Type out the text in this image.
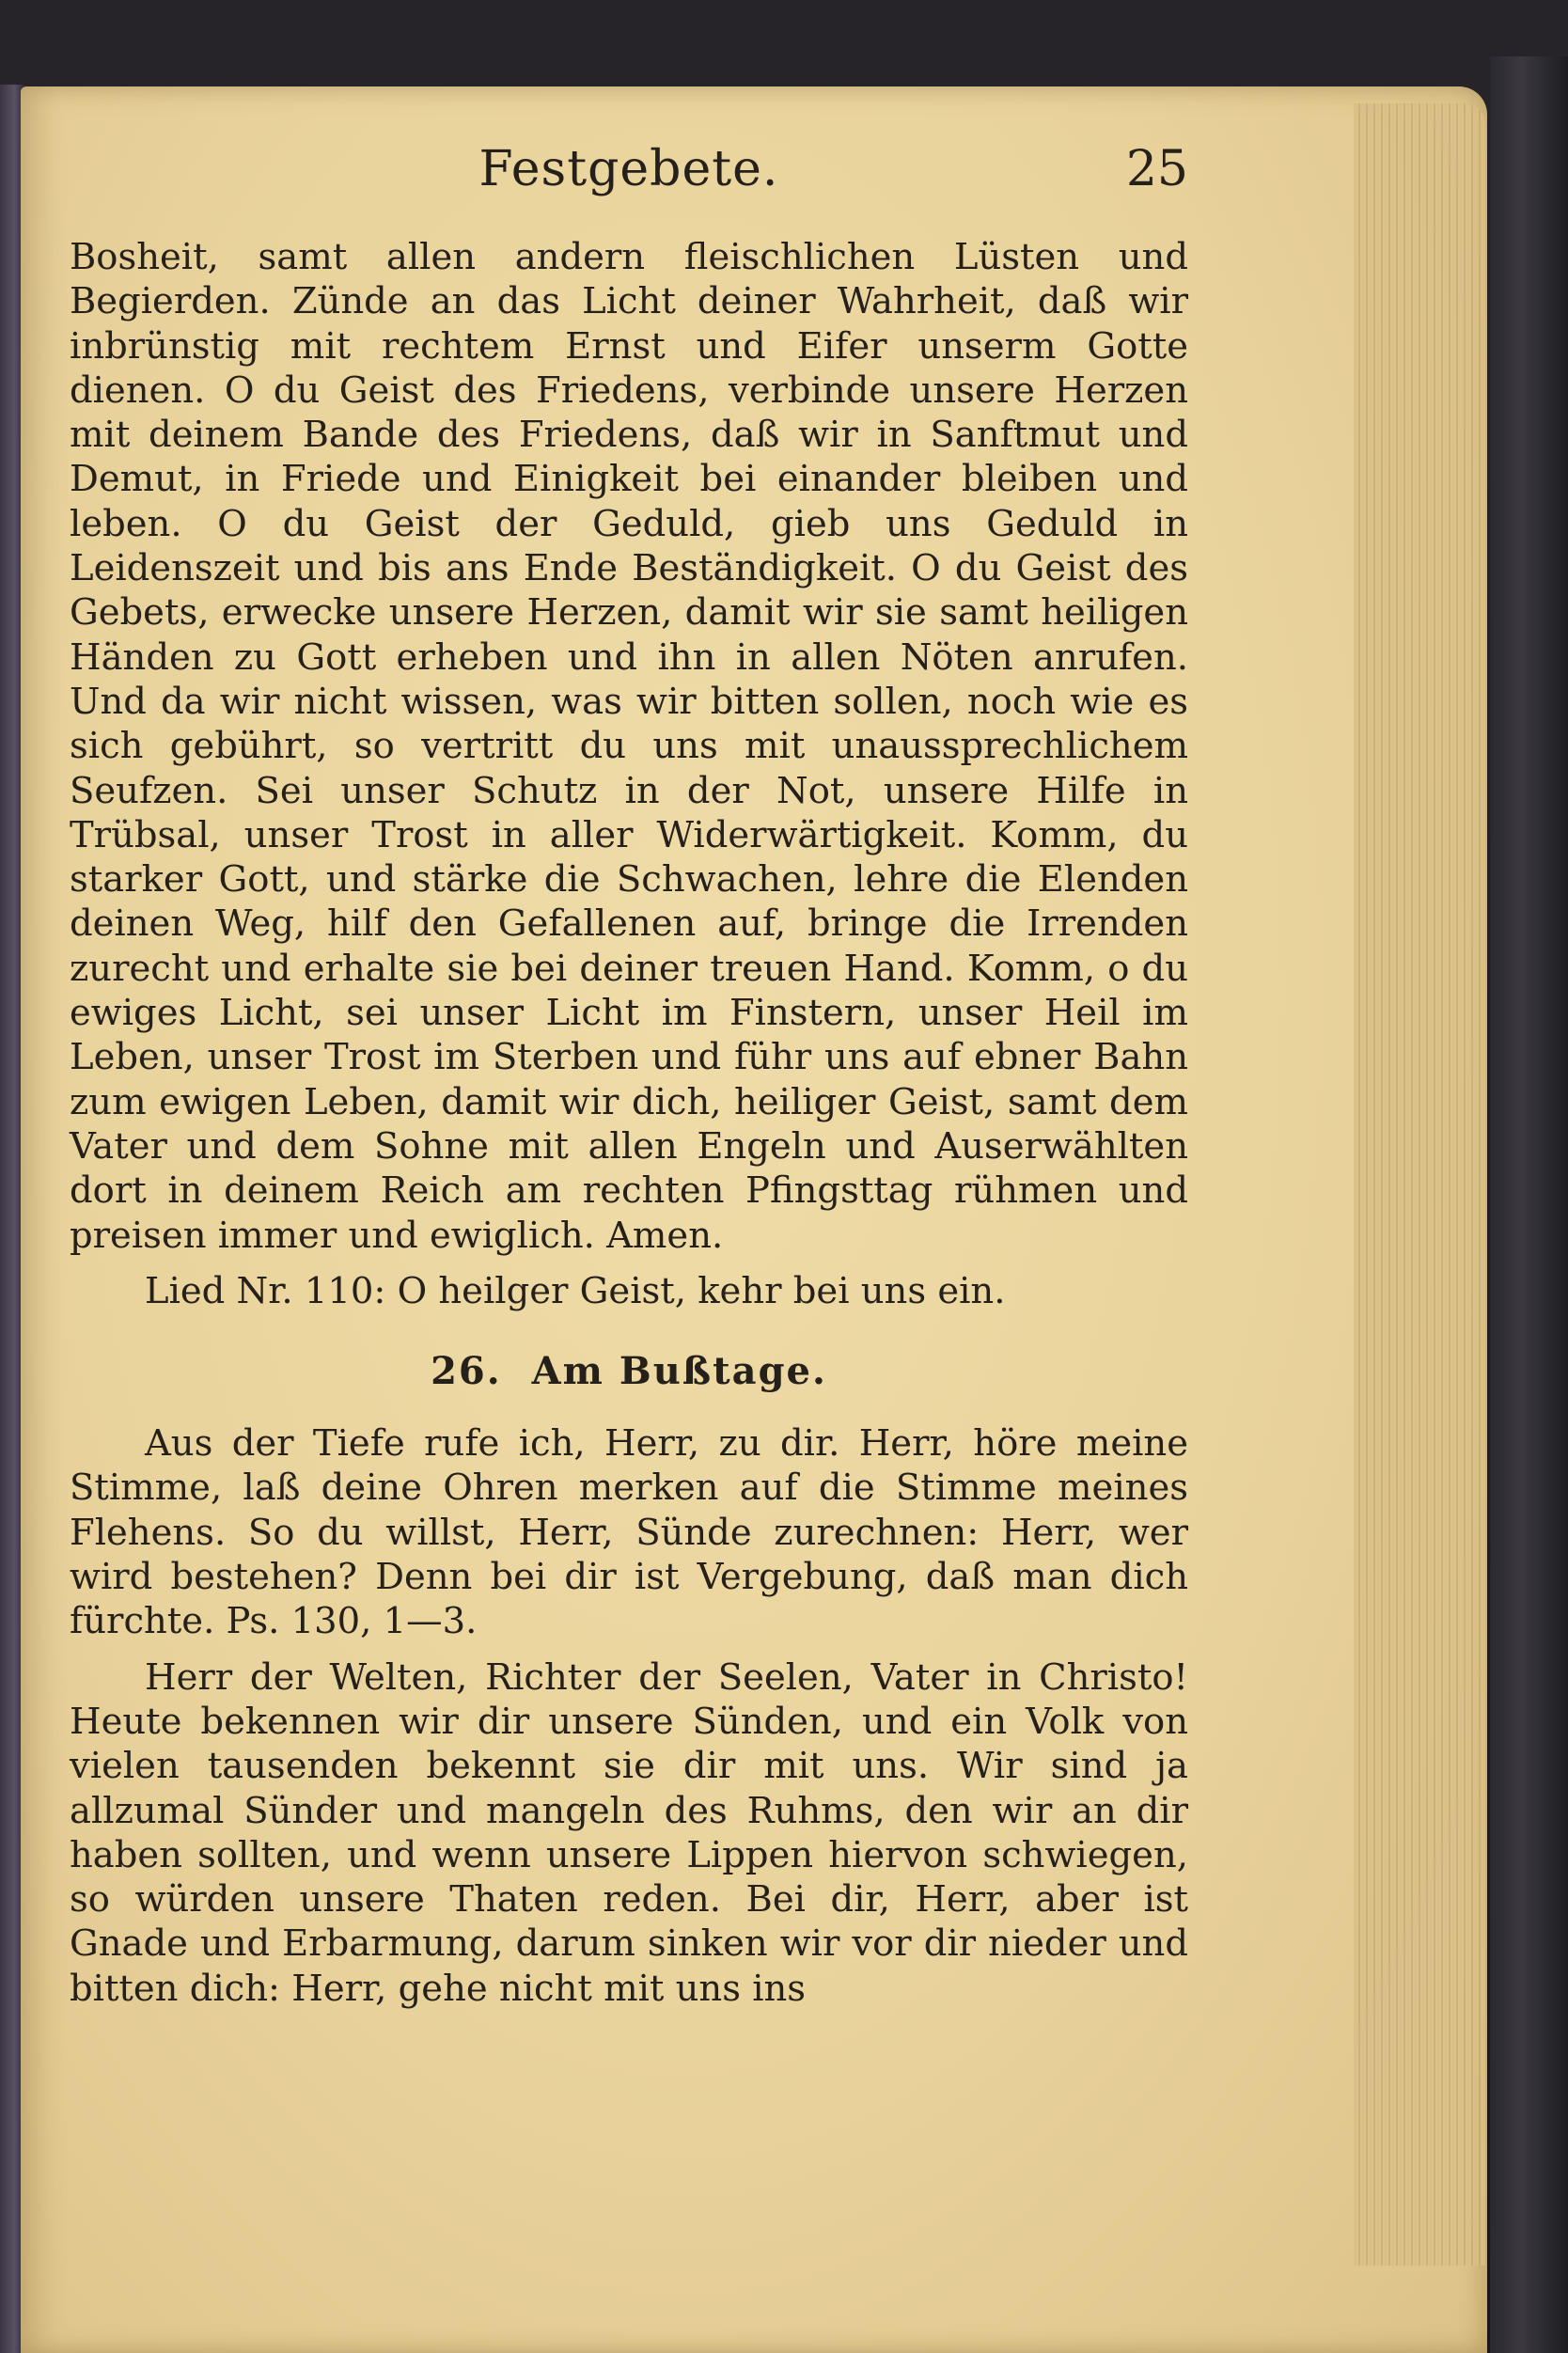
Festgebete.	25

Bosheit, samt allen andern fleischlichen Lüsten und Begierden. Zünde an das Licht deiner Wahrheit, daß wir inbrünstig mit rechtem Ernst und Eifer unserm Gotte dienen. O du Geist des Friedens, verbinde unsere Herzen mit deinem Bande des Friedens, daß wir in Sanftmut und Demut, in Friede und Einigkeit bei einander bleiben und leben. O du Geist der Geduld, gieb uns Geduld in Leidenszeit und bis ans Ende Beständigkeit. O du Geist des Gebets, erwecke unsere Herzen, damit wir sie samt heiligen Händen zu Gott erheben und ihn in allen Nöten anrufen. Und da wir nicht wissen, was wir bitten sollen, noch wie es sich gebührt, so vertritt du uns mit unaussprechlichem Seufzen. Sei unser Schutz in der Not, unsere Hilfe in Trübsal, unser Trost in aller Widerwärtigkeit. Komm, du starker Gott, und stärke die Schwachen, lehre die Elenden deinen Weg, hilf den Gefallenen auf, bringe die Irrenden zurecht und erhalte sie bei deiner treuen Hand. Komm, o du ewiges Licht, sei unser Licht im Finstern, unser Heil im Leben, unser Trost im Sterben und führ uns auf ebner Bahn zum ewigen Leben, damit wir dich, heiliger Geist, samt dem Vater und dem Sohne mit allen Engeln und Auserwählten dort in deinem Reich am rechten Pfingsttag rühmen und preisen immer und ewiglich. Amen.

Lied Nr. 110: O heilger Geist, kehr bei uns ein.

26. Am Bußtage.

Aus der Tiefe rufe ich, Herr, zu dir. Herr, höre meine Stimme, laß deine Ohren merken auf die Stimme meines Flehens. So du willst, Herr, Sünde zurechnen: Herr, wer wird bestehen? Denn bei dir ist Vergebung, daß man dich fürchte. Ps. 130, 1—3.

Herr der Welten, Richter der Seelen, Vater in Christo! Heute bekennen wir dir unsere Sünden, und ein Volk von vielen tausenden bekennt sie dir mit uns. Wir sind ja allzumal Sünder und mangeln des Ruhms, den wir an dir haben sollten, und wenn unsere Lippen hiervon schwiegen, so würden unsere Thaten reden. Bei dir, Herr, aber ist Gnade und Erbarmung, darum sinken wir vor dir nieder und bitten dich: Herr, gehe nicht mit uns ins
